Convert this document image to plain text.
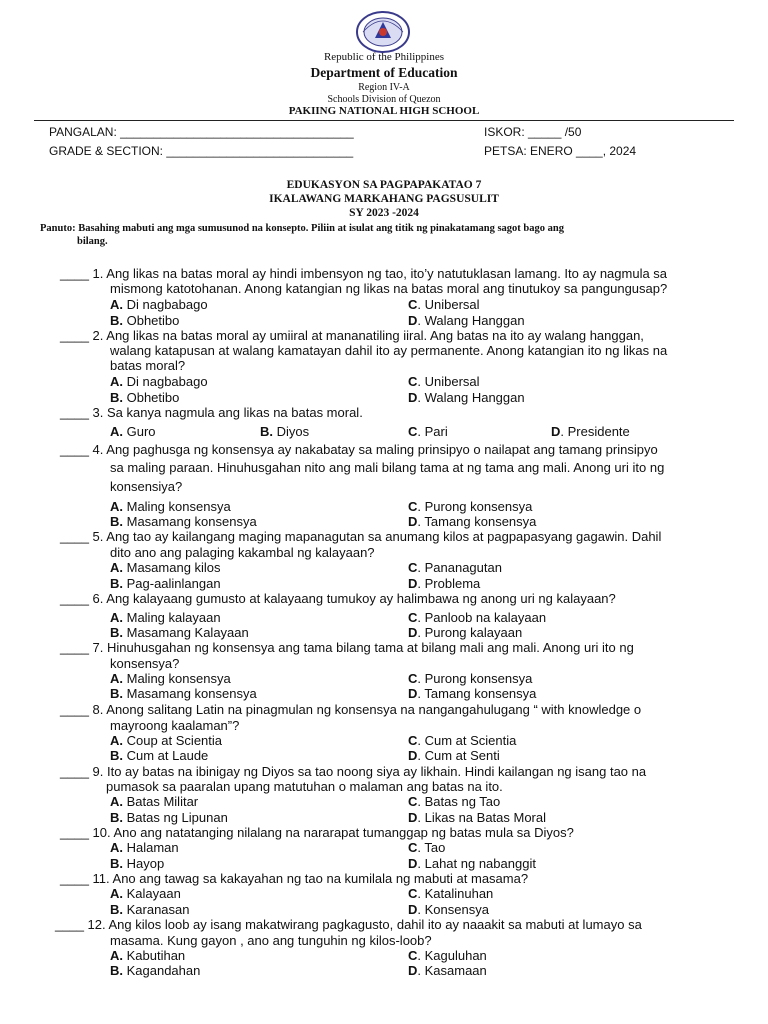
Republic of the Philippines
Department of Education
Region IV-A
Schools Division of Quezon
PAKIING NATIONAL HIGH SCHOOL
PANGALAN: ___________________________________	ISKOR: _____ /50
GRADE & SECTION: ____________________________	PETSA: ENERO ____, 2024
EDUKASYON SA PAGPAPAKATAO 7
IKALAWANG MARKAHANG PAGSUSULIT
SY 2023 -2024
Panuto: Basahing mabuti ang mga sumusunod na konsepto. Piliin at isulat ang titik ng pinakatamang sagot bago ang
bilang.
____ 1. Ang likas na batas moral ay hindi imbensyon ng tao, ito’y natutuklasan lamang. Ito ay nagmula sa
mismong katotohanan. Anong katangian ng likas na batas moral ang tinutukoy sa pangungusap?
A. Di nagbabago	C. Unibersal
B. Obhetibo	D. Walang Hanggan
____ 2. Ang likas na batas moral ay umiiral at mananatiling iiral. Ang batas na ito ay walang hanggan,
walang katapusan at walang kamatayan dahil ito ay permanente. Anong katangian ito ng likas na
batas moral?
A. Di nagbabago	C. Unibersal
B. Obhetibo	D. Walang Hanggan
____ 3. Sa kanya nagmula ang likas na batas moral.
A. Guro	B. Diyos	C. Pari	D. Presidente
____ 4. Ang paghusga ng konsensya ay nakabatay sa maling prinsipyo o nailapat ang tamang prinsipyo
sa maling paraan. Hinuhusgahan nito ang mali bilang tama at ng tama ang mali. Anong uri ito ng
konsensiya?
A. Maling konsensya	C. Purong konsensya
B. Masamang konsensya	D. Tamang konsensya
____ 5. Ang tao ay kailangang maging mapanagutan sa anumang kilos at pagpapasyang gagawin. Dahil
dito ano ang palaging kakambal ng kalayaan?
A. Masamang kilos	C. Pananagutan
B. Pag-aalinlangan	D. Problema
____ 6. Ang kalayaang gumusto at kalayaang tumukoy ay halimbawa ng anong uri ng kalayaan?
A. Maling kalayaan	C. Panloob na kalayaan
B. Masamang Kalayaan	D. Purong kalayaan
____ 7. Hinuhusgahan ng konsensya ang tama bilang tama at bilang mali ang mali. Anong uri ito ng
konsensya?
A. Maling konsensya	C. Purong konsensya
B. Masamang konsensya	D. Tamang konsensya
____ 8. Anong salitang Latin na pinagmulan ng konsensya na nangangahulugang “ with knowledge o
mayroong kaalaman”?
A. Coup at Scientia	C. Cum at Scientia
B. Cum at Laude	D. Cum at Senti
____ 9. Ito ay batas na ibinigay ng Diyos sa tao noong siya ay likhain. Hindi kailangan ng isang tao na
pumasok sa paaralan upang matutuhan o malaman ang batas na ito.
A. Batas Militar	C. Batas ng Tao
B. Batas ng Lipunan	D. Likas na Batas Moral
____ 10. Ano ang natatanging nilalang na nararapat tumanggap ng batas mula sa Diyos?
A. Halaman	C. Tao
B. Hayop	D. Lahat ng nabanggit
____ 11. Ano ang tawag sa kakayahan ng tao na kumilala ng mabuti at masama?
A. Kalayaan	C. Katalinuhan
B. Karanasan	D. Konsensya
____ 12. Ang kilos loob ay isang makatwirang pagkagusto, dahil ito ay naaakit sa mabuti at lumayo sa
masama. Kung gayon , ano ang tunguhin ng kilos-loob?
A. Kabutihan	C. Kaguluhan
B. Kagandahan	D. Kasamaan
